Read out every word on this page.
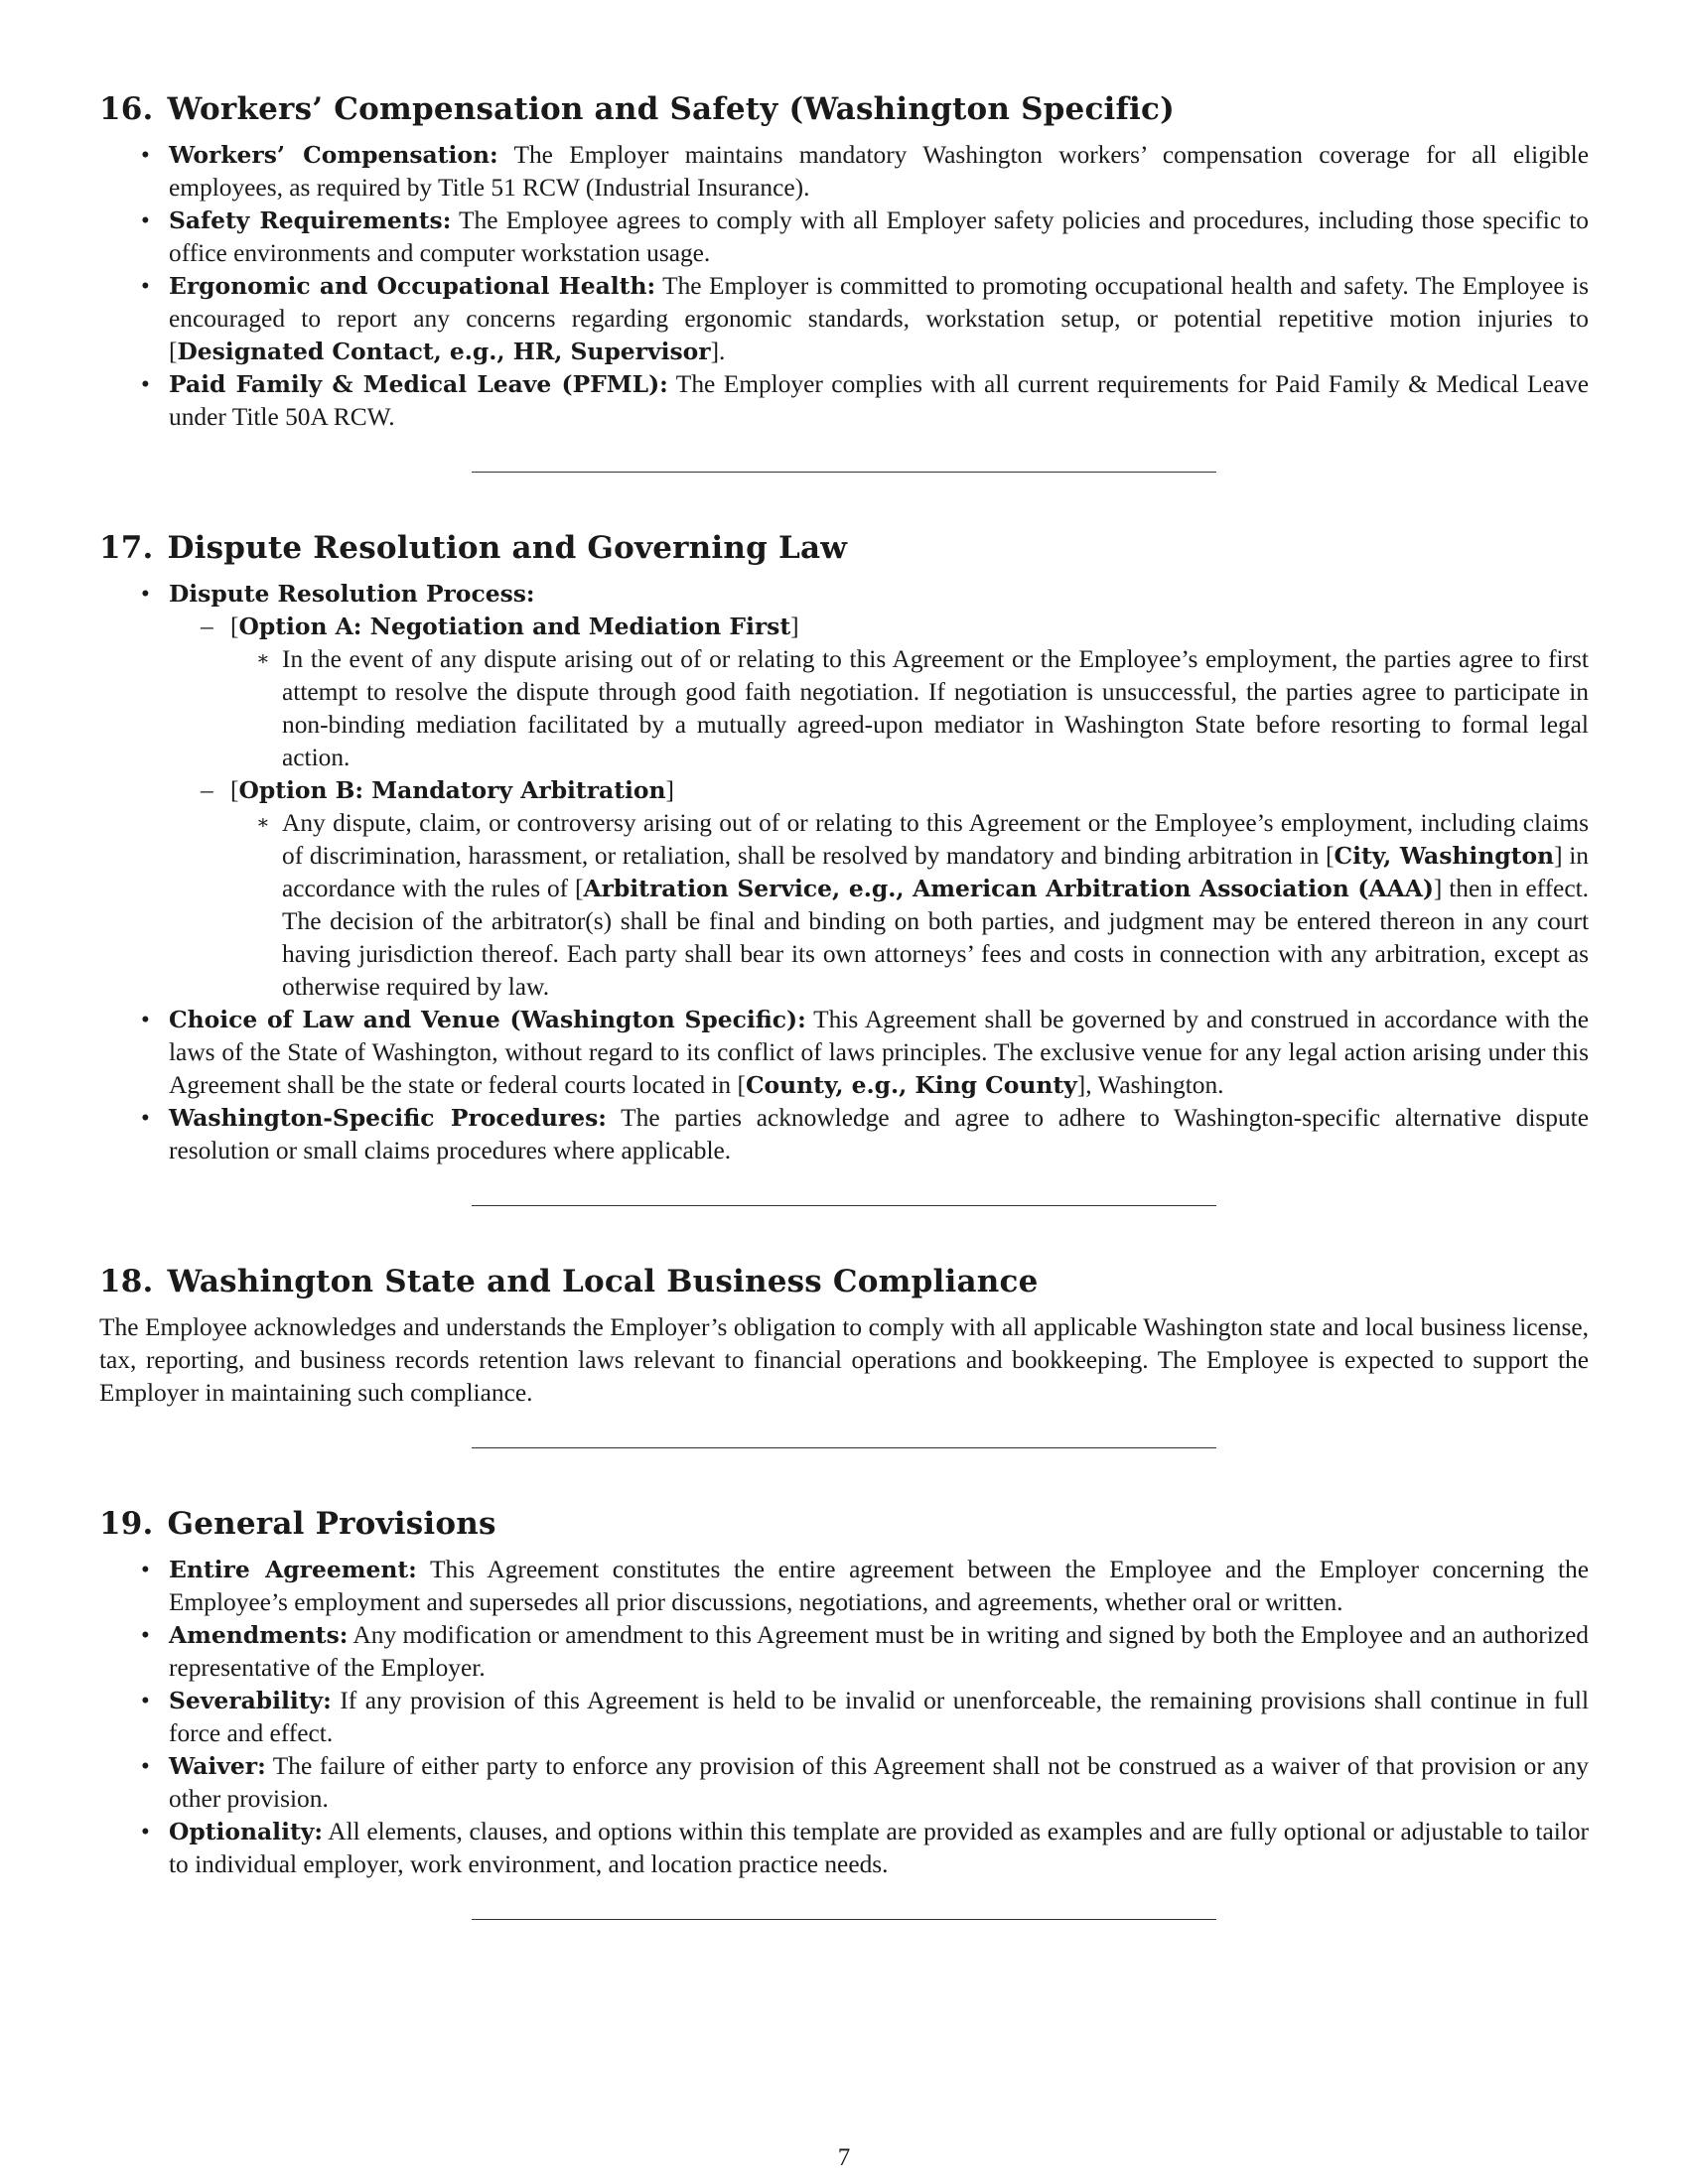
16. Workers’ Compensation and Safety (Washington Specific)
• Workers’ Compensation: The Employer maintains mandatory Washington workers’ compensation coverage for all eligible employees, as required by Title 51 RCW (Industrial Insurance).
• Safety Requirements: The Employee agrees to comply with all Employer safety policies and procedures, including those specific to office environments and computer workstation usage.
• Ergonomic and Occupational Health: The Employer is committed to promoting occupational health and safety. The Employee is encouraged to report any concerns regarding ergonomic standards, workstation setup, or potential repetitive motion injuries to [Designated Contact, e.g., HR, Supervisor].
• Paid Family & Medical Leave (PFML): The Employer complies with all current requirements for Paid Family & Medical Leave under Title 50A RCW.
17. Dispute Resolution and Governing Law
• Dispute Resolution Process:
– [Option A: Negotiation and Mediation First]
∗ In the event of any dispute arising out of or relating to this Agreement or the Employee’s employment, the parties agree to first attempt to resolve the dispute through good faith negotiation. If negotiation is unsuccessful, the parties agree to participate in non-binding mediation facilitated by a mutually agreed-upon mediator in Washington State before resorting to formal legal action.
– [Option B: Mandatory Arbitration]
∗ Any dispute, claim, or controversy arising out of or relating to this Agreement or the Employee’s employment, including claims of discrimination, harassment, or retaliation, shall be resolved by mandatory and binding arbitration in [City, Washington] in accordance with the rules of [Arbitration Service, e.g., American Arbitration Association (AAA)] then in effect. The decision of the arbitrator(s) shall be final and binding on both parties, and judgment may be entered thereon in any court having jurisdiction thereof. Each party shall bear its own attorneys’ fees and costs in connection with any arbitration, except as otherwise required by law.
• Choice of Law and Venue (Washington Specific): This Agreement shall be governed by and construed in accordance with the laws of the State of Washington, without regard to its conflict of laws principles. The exclusive venue for any legal action arising under this Agreement shall be the state or federal courts located in [County, e.g., King County], Washington.
• Washington-Specific Procedures: The parties acknowledge and agree to adhere to Washington-specific alternative dispute resolution or small claims procedures where applicable.
18. Washington State and Local Business Compliance

The Employee acknowledges and understands the Employer’s obligation to comply with all applicable Washington state and local business license, tax, reporting, and business records retention laws relevant to financial operations and bookkeeping. The Employee is expected to support the Employer in maintaining such compliance.

19. General Provisions
• Entire Agreement: This Agreement constitutes the entire agreement between the Employee and the Employer concerning the Employee’s employment and supersedes all prior discussions, negotiations, and agreements, whether oral or written.
• Amendments: Any modification or amendment to this Agreement must be in writing and signed by both the Employee and an authorized representative of the Employer.
• Severability: If any provision of this Agreement is held to be invalid or unenforceable, the remaining provisions shall continue in full force and effect.
• Waiver: The failure of either party to enforce any provision of this Agreement shall not be construed as a waiver of that provision or any other provision.
• Optionality: All elements, clauses, and options within this template are provided as examples and are fully optional or adjustable to tailor to individual employer, work environment, and location practice needs.
7
